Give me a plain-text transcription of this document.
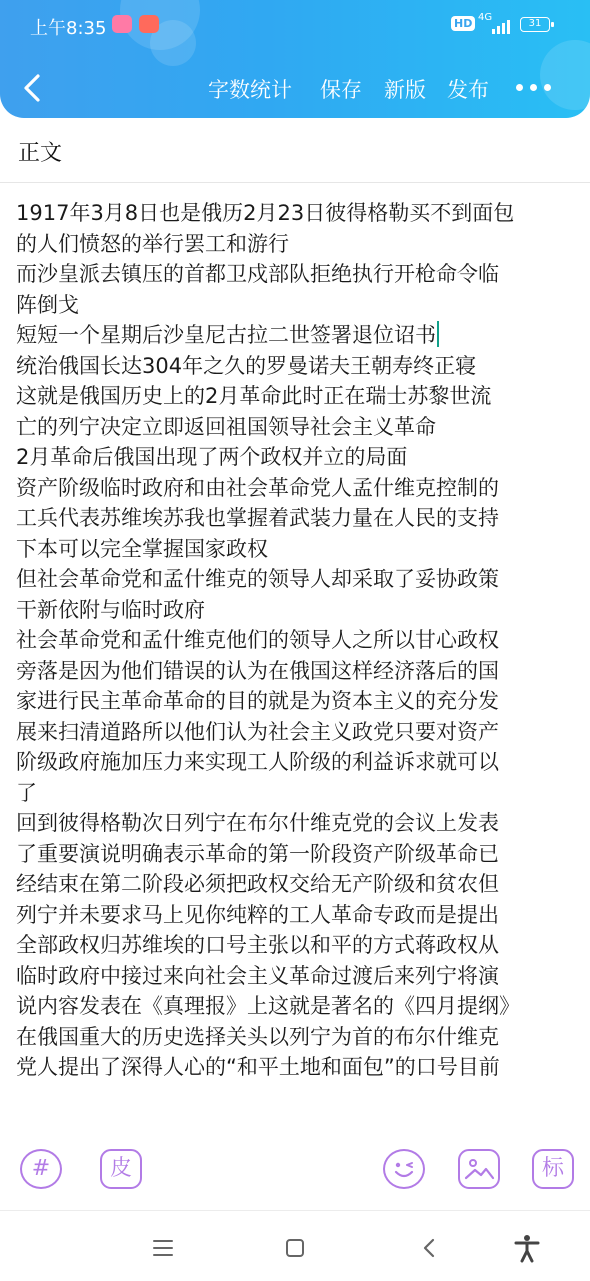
上午8:35	HD 4G
31
字数统计 保存 新版 发布
正文
1917年3月8日也是俄历2月23日彼得格勒买不到面包
的人们愤怒的举行罢工和游行
而沙皇派去镇压的首都卫戍部队拒绝执行开枪命令临
阵倒戈
短短一个星期后沙皇尼古拉二世签署退位诏书
统治俄国长达304年之久的罗曼诺夫王朝寿终正寝
这就是俄国历史上的2月革命此时正在瑞士苏黎世流
亡的列宁决定立即返回祖国领导社会主义革命
2月革命后俄国出现了两个政权并立的局面
资产阶级临时政府和由社会革命党人孟什维克控制的
工兵代表苏维埃苏我也掌握着武装力量在人民的支持
下本可以完全掌握国家政权
但社会革命党和孟什维克的领导人却采取了妥协政策
干新依附与临时政府
社会革命党和孟什维克他们的领导人之所以甘心政权
旁落是因为他们错误的认为在俄国这样经济落后的国
家进行民主革命革命的目的就是为资本主义的充分发
展来扫清道路所以他们认为社会主义政党只要对资产
阶级政府施加压力来实现工人阶级的利益诉求就可以
了
回到彼得格勒次日列宁在布尔什维克党的会议上发表
了重要演说明确表示革命的第一阶段资产阶级革命已
经结束在第二阶段必须把政权交给无产阶级和贫农但
列宁并未要求马上见你纯粹的工人革命专政而是提出
全部政权归苏维埃的口号主张以和平的方式蒋政权从
临时政府中接过来向社会主义革命过渡后来列宁将演
说内容发表在《真理报》上这就是著名的《四月提纲》
在俄国重大的历史选择关头以列宁为首的布尔什维克
党人提出了深得人心的“和平土地和面包”的口号目前
#	皮	标
